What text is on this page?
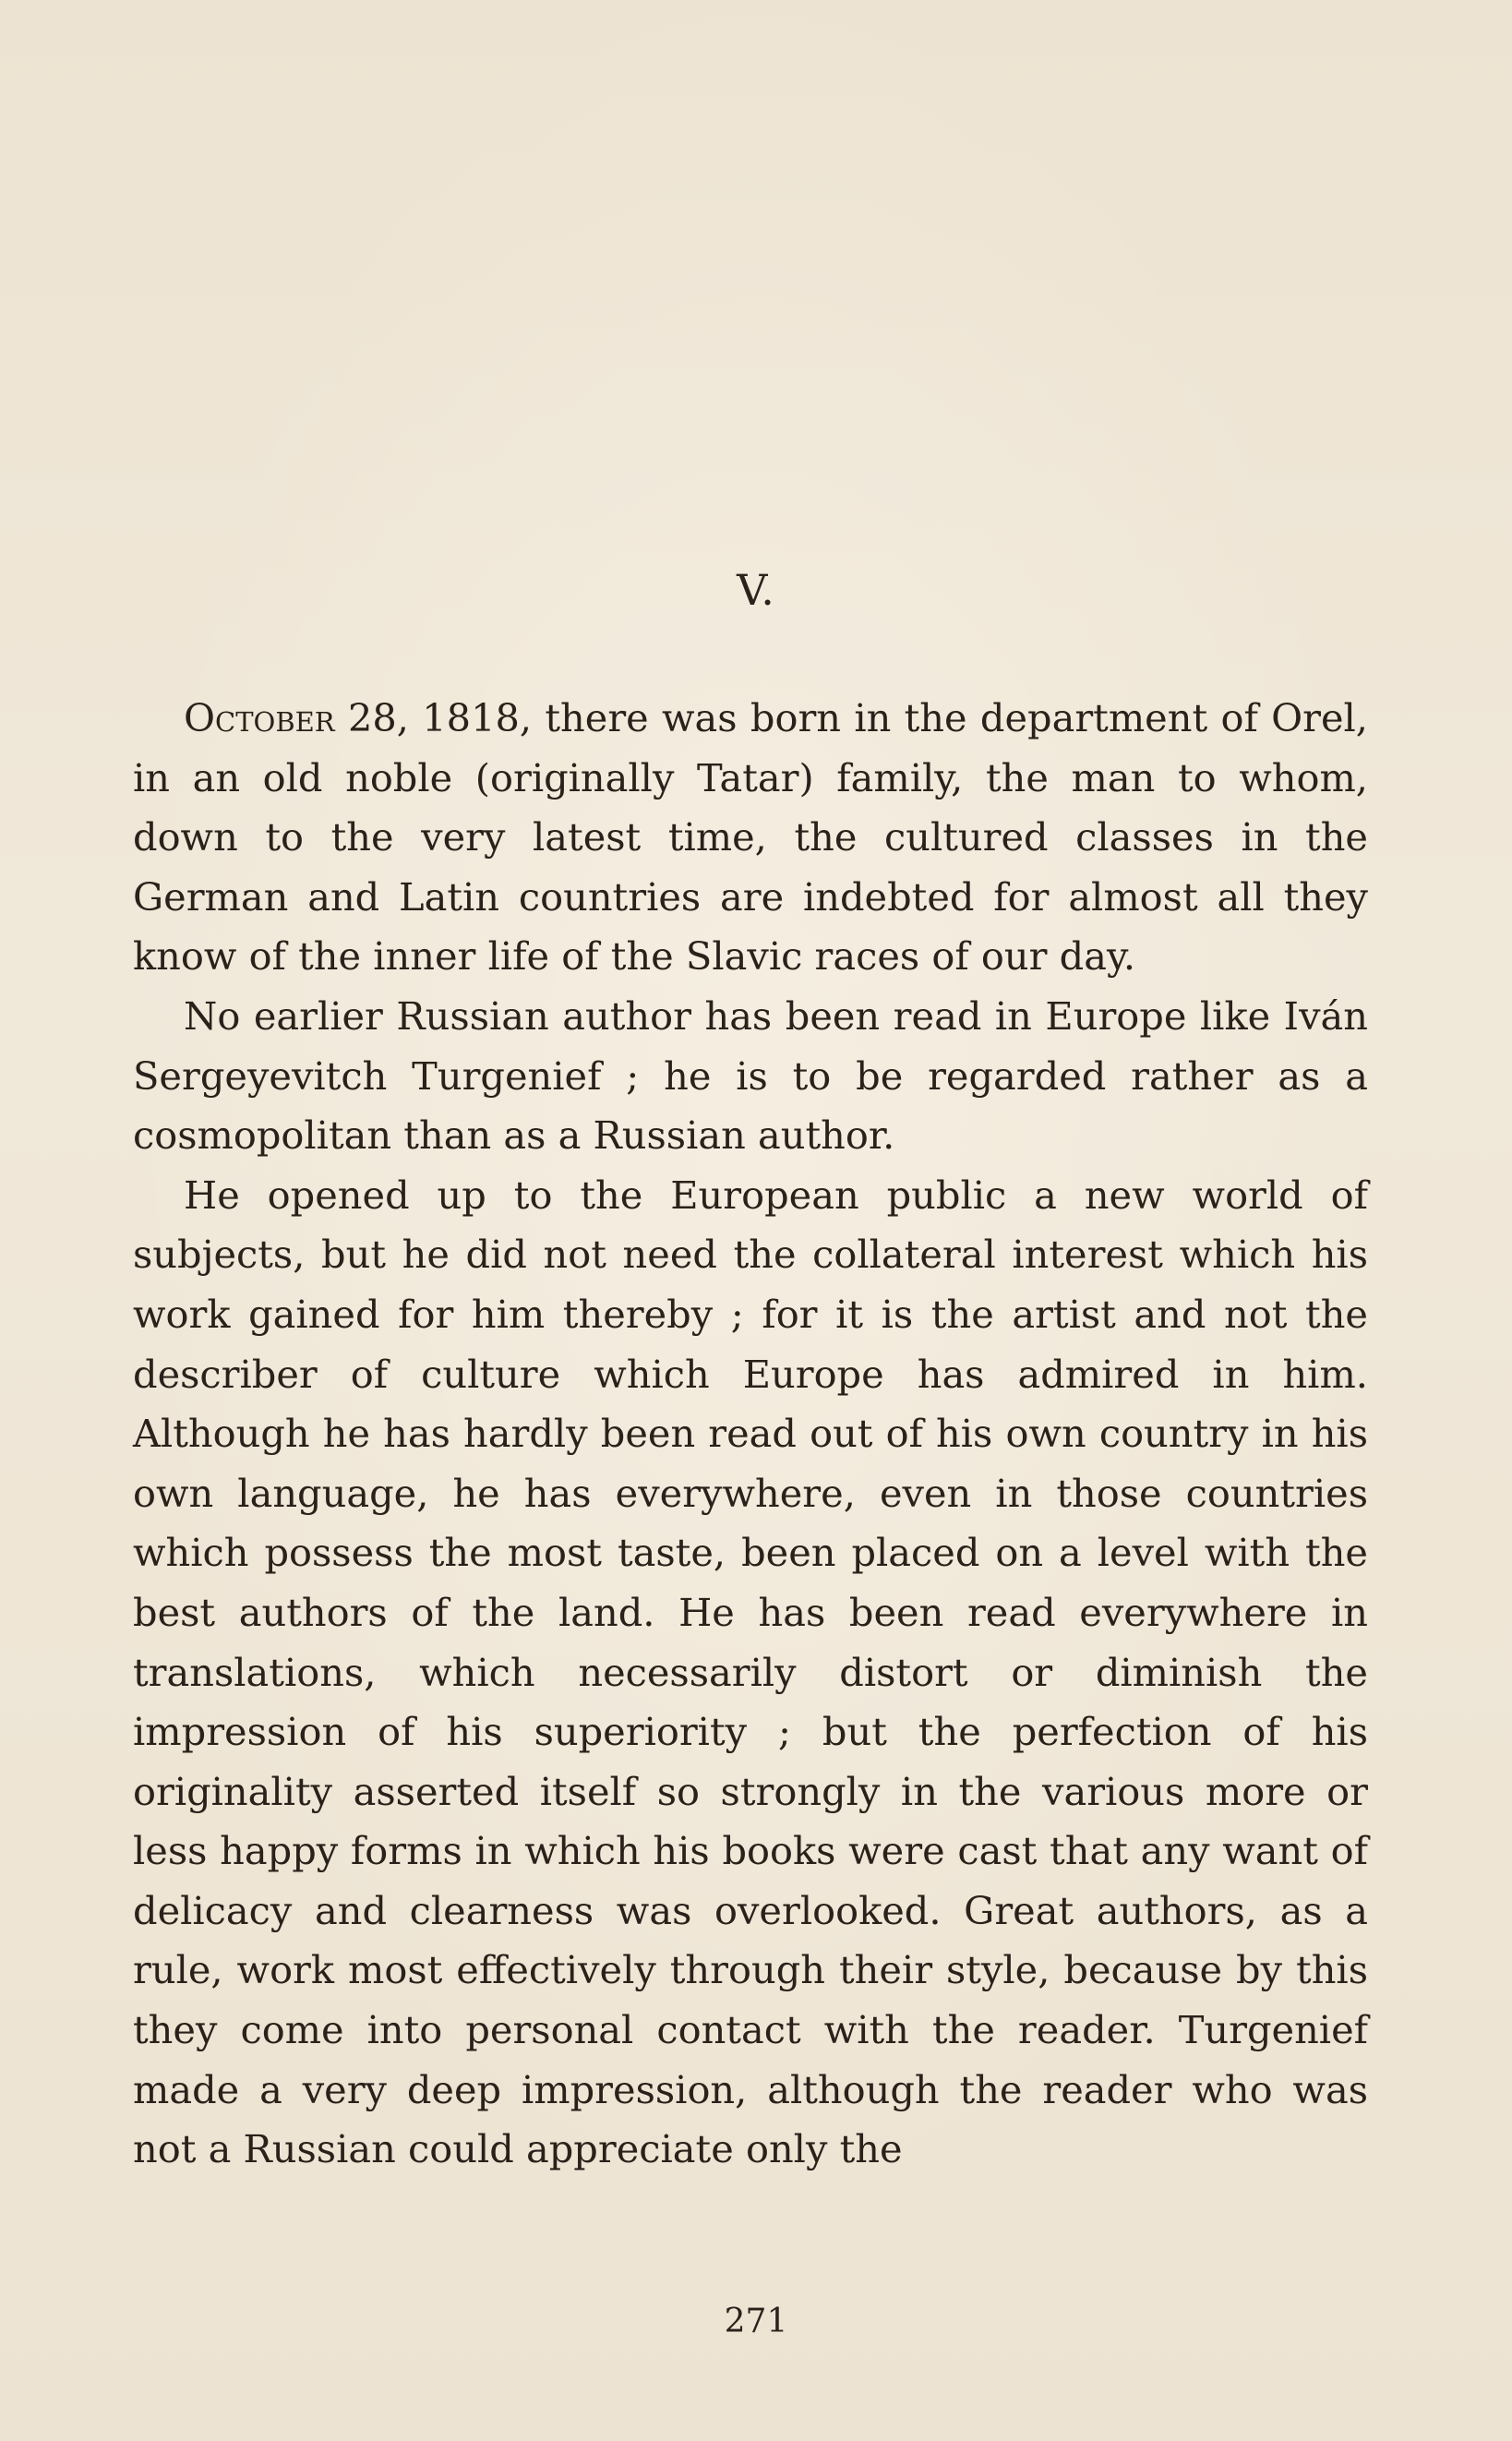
V.

October 28, 1818, there was born in the department of Orel, in an old noble (originally Tatar) family, the man to whom, down to the very latest time, the cultured classes in the German and Latin countries are indebted for almost all they know of the inner life of the Slavic races of our day.

No earlier Russian author has been read in Europe like Iván Sergeyevitch Turgenief ; he is to be regarded rather as a cosmopolitan than as a Russian author.

He opened up to the European public a new world of subjects, but he did not need the collateral interest which his work gained for him thereby ; for it is the artist and not the describer of culture which Europe has admired in him. Although he has hardly been read out of his own country in his own language, he has everywhere, even in those countries which possess the most taste, been placed on a level with the best authors of the land. He has been read everywhere in translations, which necessarily distort or diminish the impression of his superiority ; but the perfection of his originality asserted itself so strongly in the various more or less happy forms in which his books were cast that any want of delicacy and clearness was overlooked. Great authors, as a rule, work most effectively through their style, because by this they come into personal contact with the reader. Turgenief made a very deep impression, although the reader who was not a Russian could appreciate only the

271
